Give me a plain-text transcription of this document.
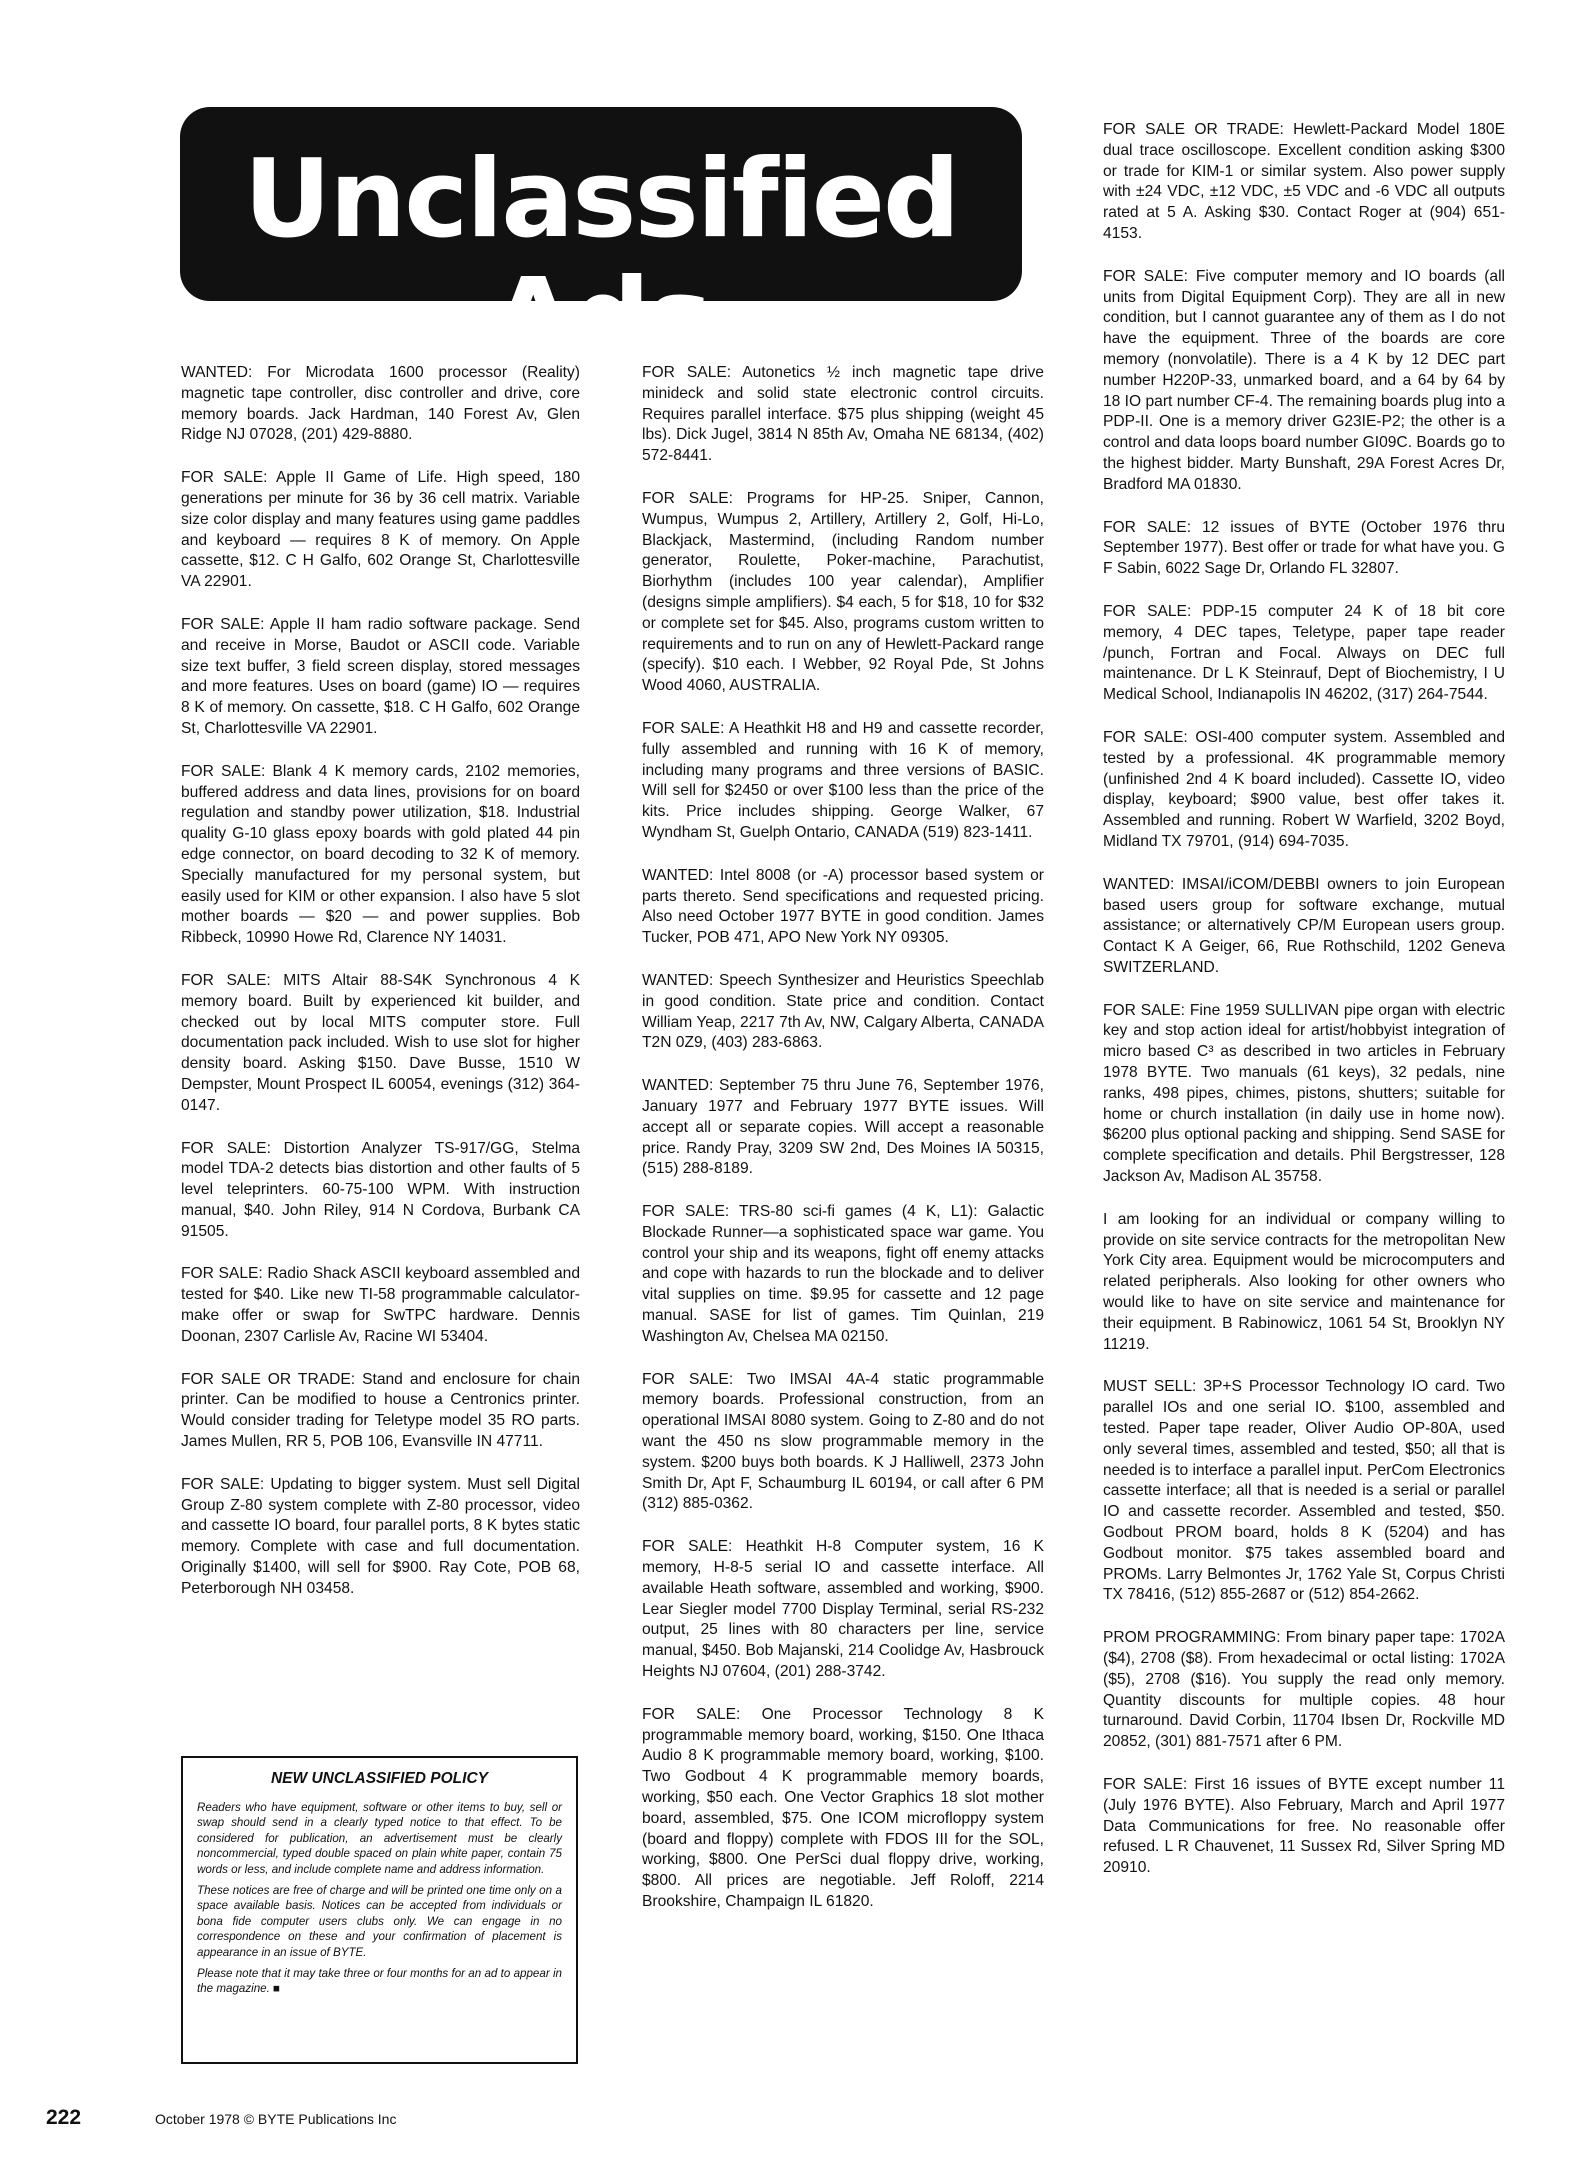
Unclassified Ads

WANTED: For Microdata 1600 processor (Reality) magnetic tape controller, disc controller and drive, core memory boards. Jack Hardman, 140 Forest Av, Glen Ridge NJ 07028, (201) 429-8880.

FOR SALE: Apple II Game of Life. High speed, 180 generations per minute for 36 by 36 cell matrix. Variable size color display and many features using game paddles and keyboard — requires 8 K of memory. On Apple cassette, $12. C H Galfo, 602 Orange St, Charlottesville VA 22901.

FOR SALE: Apple II ham radio software package. Send and receive in Morse, Baudot or ASCII code. Variable size text buffer, 3 field screen display, stored messages and more features. Uses on board (game) IO — requires 8 K of memory. On cassette, $18. C H Galfo, 602 Orange St, Charlottesville VA 22901.

FOR SALE: Blank 4 K memory cards, 2102 memories, buffered address and data lines, provisions for on board regulation and standby power utilization, $18. Industrial quality G-10 glass epoxy boards with gold plated 44 pin edge connector, on board decoding to 32 K of memory. Specially manufactured for my personal system, but easily used for KIM or other expansion. I also have 5 slot mother boards — $20 — and power supplies. Bob Ribbeck, 10990 Howe Rd, Clarence NY 14031.

FOR SALE: MITS Altair 88-S4K Synchronous 4 K memory board. Built by experienced kit builder, and checked out by local MITS computer store. Full documentation pack included. Wish to use slot for higher density board. Asking $150. Dave Busse, 1510 W Dempster, Mount Prospect IL 60054, evenings (312) 364-0147.

FOR SALE: Distortion Analyzer TS-917/GG, Stelma model TDA-2 detects bias distortion and other faults of 5 level teleprinters. 60-75-100 WPM. With instruction manual, $40. John Riley, 914 N Cordova, Burbank CA 91505.

FOR SALE: Radio Shack ASCII keyboard assembled and tested for $40. Like new TI-58 programmable calculator-make offer or swap for SwTPC hardware. Dennis Doonan, 2307 Carlisle Av, Racine WI 53404.

FOR SALE OR TRADE: Stand and enclosure for chain printer. Can be modified to house a Centronics printer. Would consider trading for Teletype model 35 RO parts. James Mullen, RR 5, POB 106, Evansville IN 47711.

FOR SALE: Updating to bigger system. Must sell Digital Group Z-80 system complete with Z-80 processor, video and cassette IO board, four parallel ports, 8 K bytes static memory. Complete with case and full documentation. Originally $1400, will sell for $900. Ray Cote, POB 68, Peterborough NH 03458.

FOR SALE: Autonetics ½ inch magnetic tape drive minideck and solid state electronic control circuits. Requires parallel interface. $75 plus shipping (weight 45 lbs). Dick Jugel, 3814 N 85th Av, Omaha NE 68134, (402) 572-8441.

FOR SALE: Programs for HP-25. Sniper, Cannon, Wumpus, Wumpus 2, Artillery, Artillery 2, Golf, Hi-Lo, Blackjack, Mastermind, (including Random number generator, Roulette, Poker-machine, Parachutist, Biorhythm (includes 100 year calendar), Amplifier (designs simple amplifiers). $4 each, 5 for $18, 10 for $32 or complete set for $45. Also, programs custom written to requirements and to run on any of Hewlett-Packard range (specify). $10 each. I Webber, 92 Royal Pde, St Johns Wood 4060, AUSTRALIA.

FOR SALE: A Heathkit H8 and H9 and cassette recorder, fully assembled and running with 16 K of memory, including many programs and three versions of BASIC. Will sell for $2450 or over $100 less than the price of the kits. Price includes shipping. George Walker, 67 Wyndham St, Guelph Ontario, CANADA (519) 823-1411.

WANTED: Intel 8008 (or -A) processor based system or parts thereto. Send specifications and requested pricing. Also need October 1977 BYTE in good condition. James Tucker, POB 471, APO New York NY 09305.

WANTED: Speech Synthesizer and Heuristics Speechlab in good condition. State price and condition. Contact William Yeap, 2217 7th Av, NW, Calgary Alberta, CANADA T2N 0Z9, (403) 283-6863.

WANTED: September 75 thru June 76, September 1976, January 1977 and February 1977 BYTE issues. Will accept all or separate copies. Will accept a reasonable price. Randy Pray, 3209 SW 2nd, Des Moines IA 50315, (515) 288-8189.

FOR SALE: TRS-80 sci-fi games (4 K, L1): Galactic Blockade Runner—a sophisticated space war game. You control your ship and its weapons, fight off enemy attacks and cope with hazards to run the blockade and to deliver vital supplies on time. $9.95 for cassette and 12 page manual. SASE for list of games. Tim Quinlan, 219 Washington Av, Chelsea MA 02150.

FOR SALE: Two IMSAI 4A-4 static programmable memory boards. Professional construction, from an operational IMSAI 8080 system. Going to Z-80 and do not want the 450 ns slow programmable memory in the system. $200 buys both boards. K J Halliwell, 2373 John Smith Dr, Apt F, Schaumburg IL 60194, or call after 6 PM (312) 885-0362.

FOR SALE: Heathkit H-8 Computer system, 16 K memory, H-8-5 serial IO and cassette interface. All available Heath software, assembled and working, $900. Lear Siegler model 7700 Display Terminal, serial RS-232 output, 25 lines with 80 characters per line, service manual, $450. Bob Majanski, 214 Coolidge Av, Hasbrouck Heights NJ 07604, (201) 288-3742.

FOR SALE: One Processor Technology 8 K programmable memory board, working, $150. One Ithaca Audio 8 K programmable memory board, working, $100. Two Godbout 4 K programmable memory boards, working, $50 each. One Vector Graphics 18 slot mother board, assembled, $75. One ICOM microfloppy system (board and floppy) complete with FDOS III for the SOL, working, $800. One PerSci dual floppy drive, working, $800. All prices are negotiable. Jeff Roloff, 2214 Brookshire, Champaign IL 61820.

FOR SALE OR TRADE: Hewlett-Packard Model 180E dual trace oscilloscope. Excellent condition asking $300 or trade for KIM-1 or similar system. Also power supply with ±24 VDC, ±12 VDC, ±5 VDC and -6 VDC all outputs rated at 5 A. Asking $30. Contact Roger at (904) 651-4153.

FOR SALE: Five computer memory and IO boards (all units from Digital Equipment Corp). They are all in new condition, but I cannot guarantee any of them as I do not have the equipment. Three of the boards are core memory (nonvolatile). There is a 4 K by 12 DEC part number H220P-33, unmarked board, and a 64 by 64 by 18 IO part number CF-4. The remaining boards plug into a PDP-II. One is a memory driver G23IE-P2; the other is a control and data loops board number GI09C. Boards go to the highest bidder. Marty Bunshaft, 29A Forest Acres Dr, Bradford MA 01830.

FOR SALE: 12 issues of BYTE (October 1976 thru September 1977). Best offer or trade for what have you. G F Sabin, 6022 Sage Dr, Orlando FL 32807.

FOR SALE: PDP-15 computer 24 K of 18 bit core memory, 4 DEC tapes, Teletype, paper tape reader /punch, Fortran and Focal. Always on DEC full maintenance. Dr L K Steinrauf, Dept of Biochemistry, I U Medical School, Indianapolis IN 46202, (317) 264-7544.

FOR SALE: OSI-400 computer system. Assembled and tested by a professional. 4K programmable memory (unfinished 2nd 4 K board included). Cassette IO, video display, keyboard; $900 value, best offer takes it. Assembled and running. Robert W Warfield, 3202 Boyd, Midland TX 79701, (914) 694-7035.

WANTED: IMSAI/iCOM/DEBBI owners to join European based users group for software exchange, mutual assistance; or alternatively CP/M European users group. Contact K A Geiger, 66, Rue Rothschild, 1202 Geneva SWITZERLAND.

FOR SALE: Fine 1959 SULLIVAN pipe organ with electric key and stop action ideal for artist/hobbyist integration of micro based C³ as described in two articles in February 1978 BYTE. Two manuals (61 keys), 32 pedals, nine ranks, 498 pipes, chimes, pistons, shutters; suitable for home or church installation (in daily use in home now). $6200 plus optional packing and shipping. Send SASE for complete specification and details. Phil Bergstresser, 128 Jackson Av, Madison AL 35758.

I am looking for an individual or company willing to provide on site service contracts for the metropolitan New York City area. Equipment would be microcomputers and related peripherals. Also looking for other owners who would like to have on site service and maintenance for their equipment. B Rabinowicz, 1061 54 St, Brooklyn NY 11219.

MUST SELL: 3P+S Processor Technology IO card. Two parallel IOs and one serial IO. $100, assembled and tested. Paper tape reader, Oliver Audio OP-80A, used only several times, assembled and tested, $50; all that is needed is to interface a parallel input. PerCom Electronics cassette interface; all that is needed is a serial or parallel IO and cassette recorder. Assembled and tested, $50. Godbout PROM board, holds 8 K (5204) and has Godbout monitor. $75 takes assembled board and PROMs. Larry Belmontes Jr, 1762 Yale St, Corpus Christi TX 78416, (512) 855-2687 or (512) 854-2662.

PROM PROGRAMMING: From binary paper tape: 1702A ($4), 2708 ($8). From hexadecimal or octal listing: 1702A ($5), 2708 ($16). You supply the read only memory. Quantity discounts for multiple copies. 48 hour turnaround. David Corbin, 11704 Ibsen Dr, Rockville MD 20852, (301) 881-7571 after 6 PM.

FOR SALE: First 16 issues of BYTE except number 11 (July 1976 BYTE). Also February, March and April 1977 Data Communications for free. No reasonable offer refused. L R Chauvenet, 11 Sussex Rd, Silver Spring MD 20910.

NEW UNCLASSIFIED POLICY

Readers who have equipment, software or other items to buy, sell or swap should send in a clearly typed notice to that effect. To be considered for publication, an advertisement must be clearly noncommercial, typed double spaced on plain white paper, contain 75 words or less, and include complete name and address information.

These notices are free of charge and will be printed one time only on a space available basis. Notices can be accepted from individuals or bona fide computer users clubs only. We can engage in no correspondence on these and your confirmation of placement is appearance in an issue of BYTE.

Please note that it may take three or four months for an ad to appear in the magazine. ■

222	October 1978 © BYTE Publications Inc
